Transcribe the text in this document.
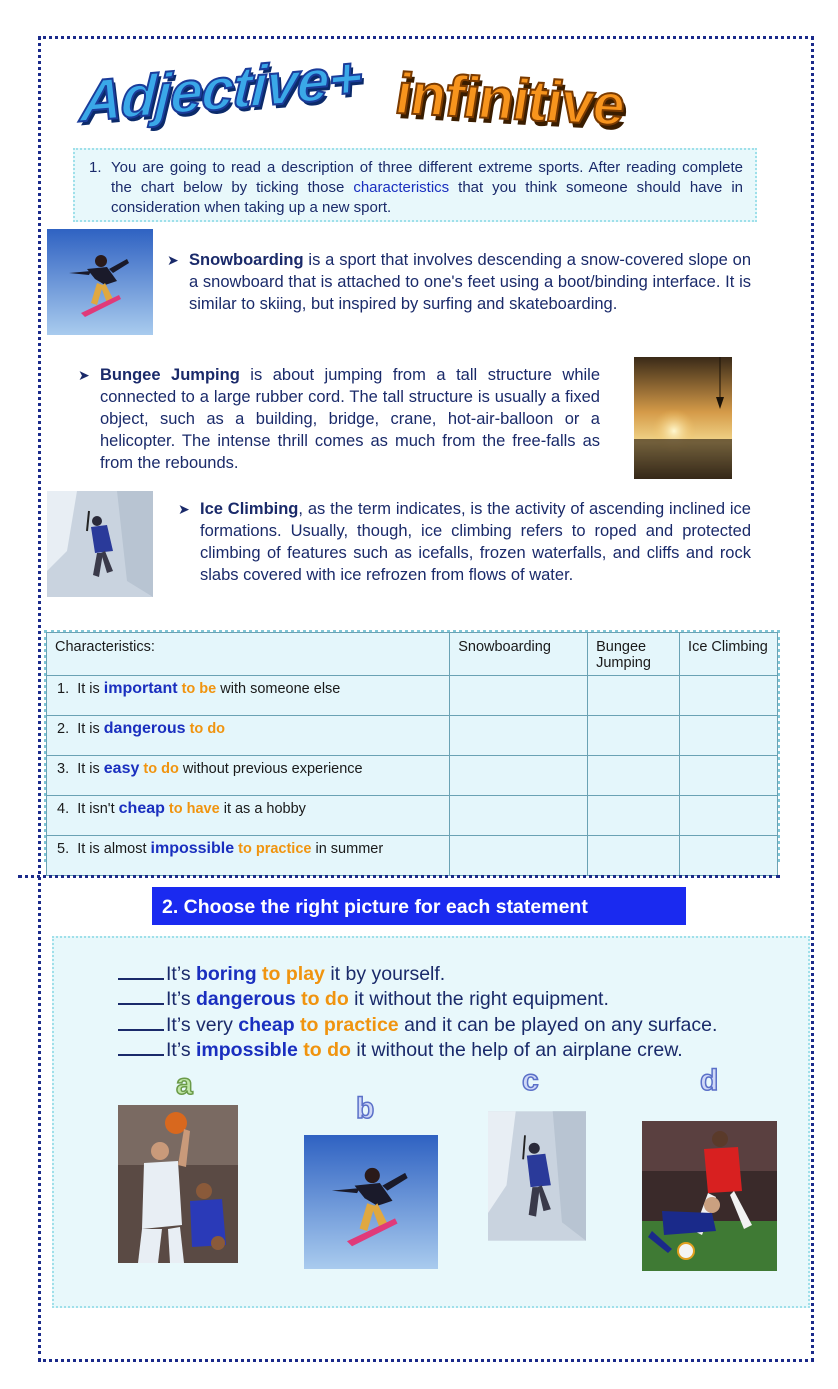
Adjective+ infinitive
1. You are going to read a description of three different extreme sports. After reading complete the chart below by ticking those characteristics that you think someone should have in consideration when taking up a new sport.
➤ Snowboarding is a sport that involves descending a snow-covered slope on a snowboard that is attached to one's feet using a boot/binding interface. It is similar to skiing, but inspired by surfing and skateboarding.
➤ Bungee Jumping is about jumping from a tall structure while connected to a large rubber cord. The tall structure is usually a fixed object, such as a building, bridge, crane, hot-air-balloon or a helicopter. The intense thrill comes as much from the free-falls as from the rebounds.
➤ Ice Climbing, as the term indicates, is the activity of ascending inclined ice formations. Usually, though, ice climbing refers to roped and protected climbing of features such as icefalls, frozen waterfalls, and cliffs and rock slabs covered with ice refrozen from flows of water.
Characteristics:	Snowboarding	Bungee Jumping	Ice Climbing
1. It is important to be with someone else			
2. It is dangerous to do			
3. It is easy to do without previous experience			
4. It isn't cheap to have it as a hobby			
5. It is almost impossible to practice in summer			
2. Choose the right picture for each statement
It’s boring to play it by yourself.
It’s dangerous to do it without the right equipment.
It’s very cheap to practice and it can be played on any surface.
It’s impossible to do it without the help of an airplane crew.
a
b
c	d
